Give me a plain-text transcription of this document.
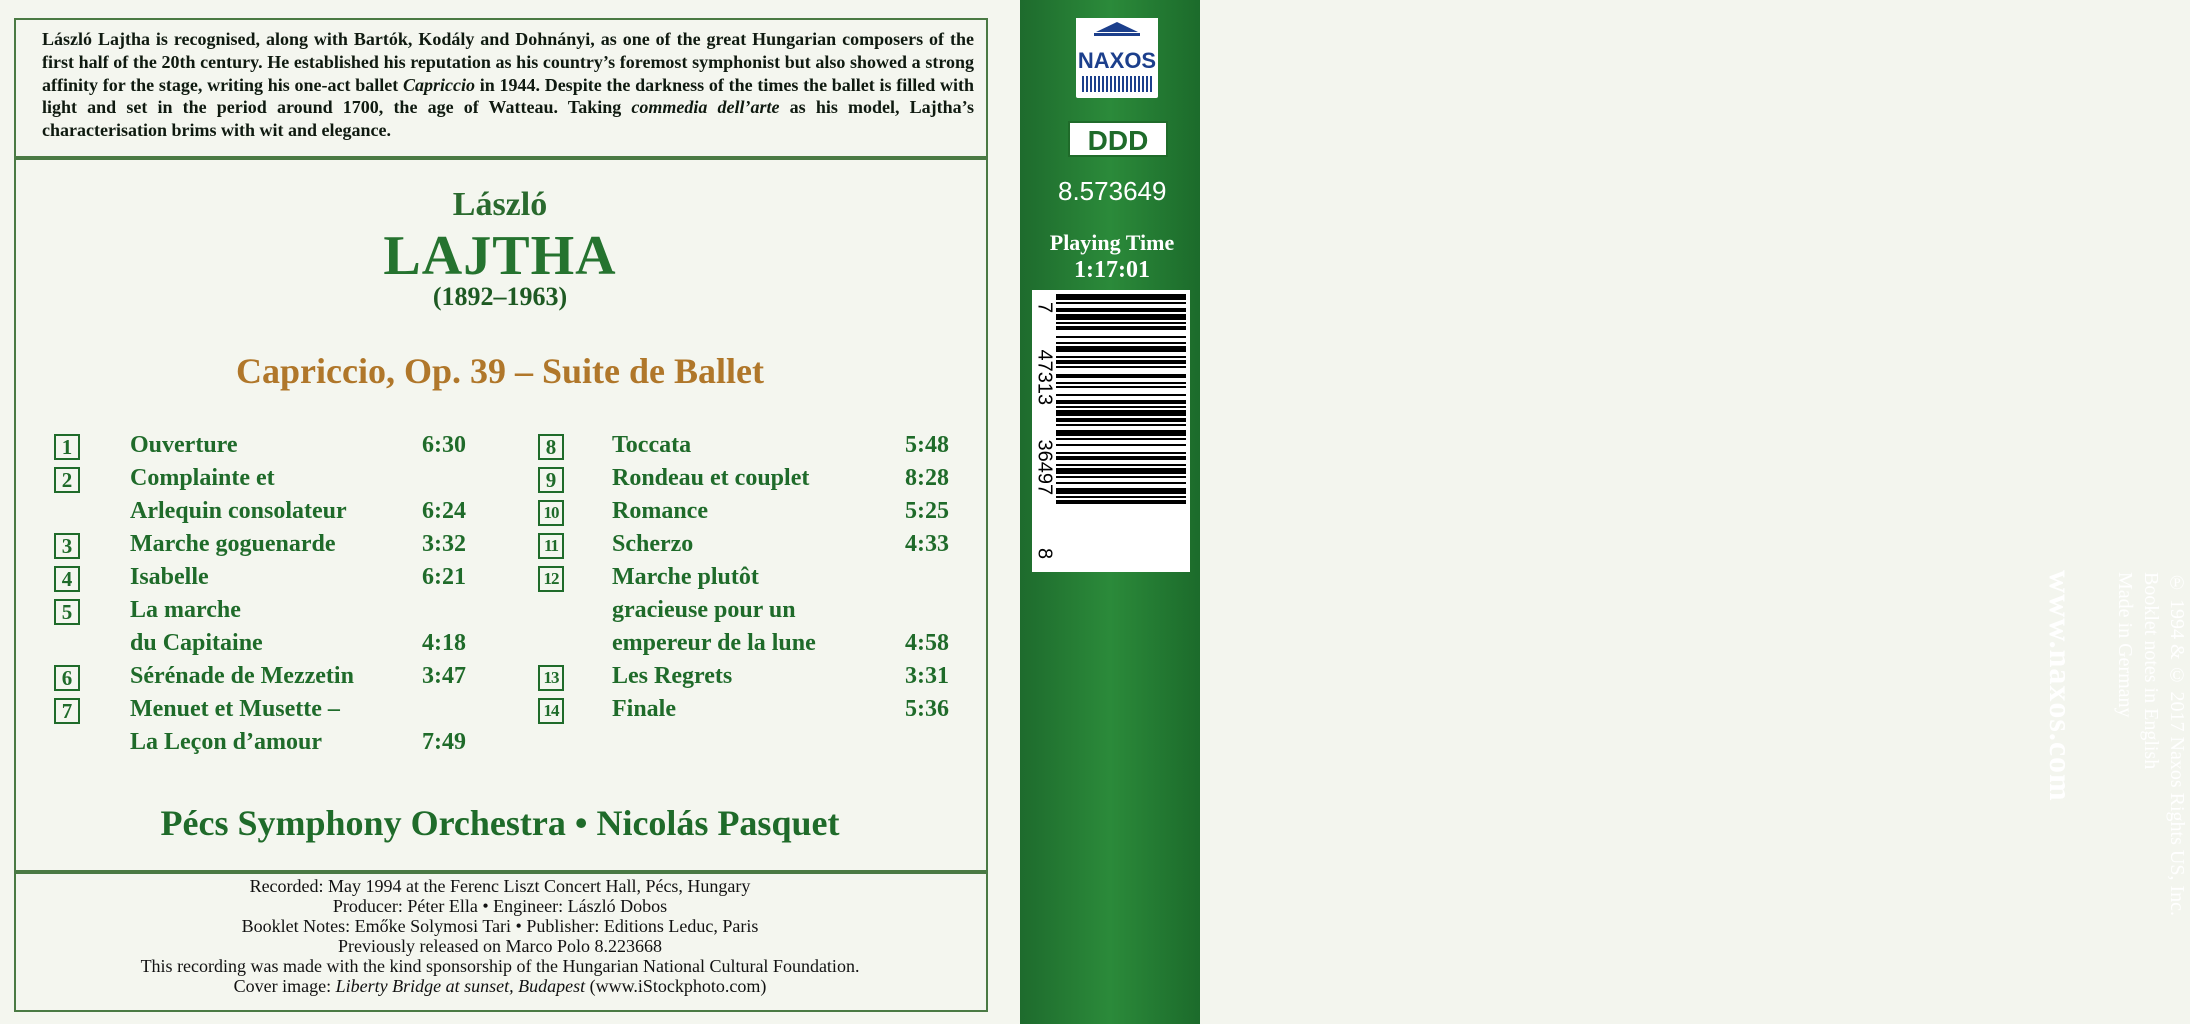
László Lajtha is recognised, along with Bartók, Kodály and Dohnányi, as one of the great Hungarian composers of the first half of the 20th century. He established his reputation as his country’s foremost symphonist but also showed a strong affinity for the stage, writing his one-act ballet Capriccio in 1944. Despite the darkness of the times the ballet is filled with light and set in the period around 1700, the age of Watteau. Taking commedia dell’arte as his model, Lajtha’s characterisation brims with wit and elegance.

László
LAJTHA
(1892–1963)
Capriccio, Op. 39 – Suite de Ballet
1	Ouverture	6:30
2	Complainte et
Arlequin consolateur	6:24
3	Marche goguenarde	3:32
4	Isabelle	6:21
5	La marche
du Capitaine	4:18
6	Sérénade de Mezzetin	3:47
7	Menuet et Musette –
La Leçon d’amour	7:49
8	Toccata	5:48
9	Rondeau et couplet	8:28
10 Romance	5:25
11 Scherzo	4:33
12 Marche plutôt
gracieuse pour un
empereur de la lune	4:58
13 Les Regrets	3:31
14 Finale	5:36
Pécs Symphony Orchestra • Nicolás Pasquet
Recorded: May 1994 at the Ferenc Liszt Concert Hall, Pécs, Hungary
Producer: Péter Ella • Engineer: László Dobos
Booklet Notes: Emőke Solymosi Tari • Publisher: Editions Leduc, Paris
Previously released on Marco Polo 8.223668
This recording was made with the kind sponsorship of the Hungarian National Cultural Foundation.
Cover image: Liberty Bridge at sunset, Budapest (www.iStockphoto.com)
NAXOS
DDD
8.573649
Playing Time
1:17:01
7
47313
36497
8
www.naxos.com	℗ 1994 & © 2017 Naxos Rights US, Inc.
Booklet notes in English
Made in Germany
